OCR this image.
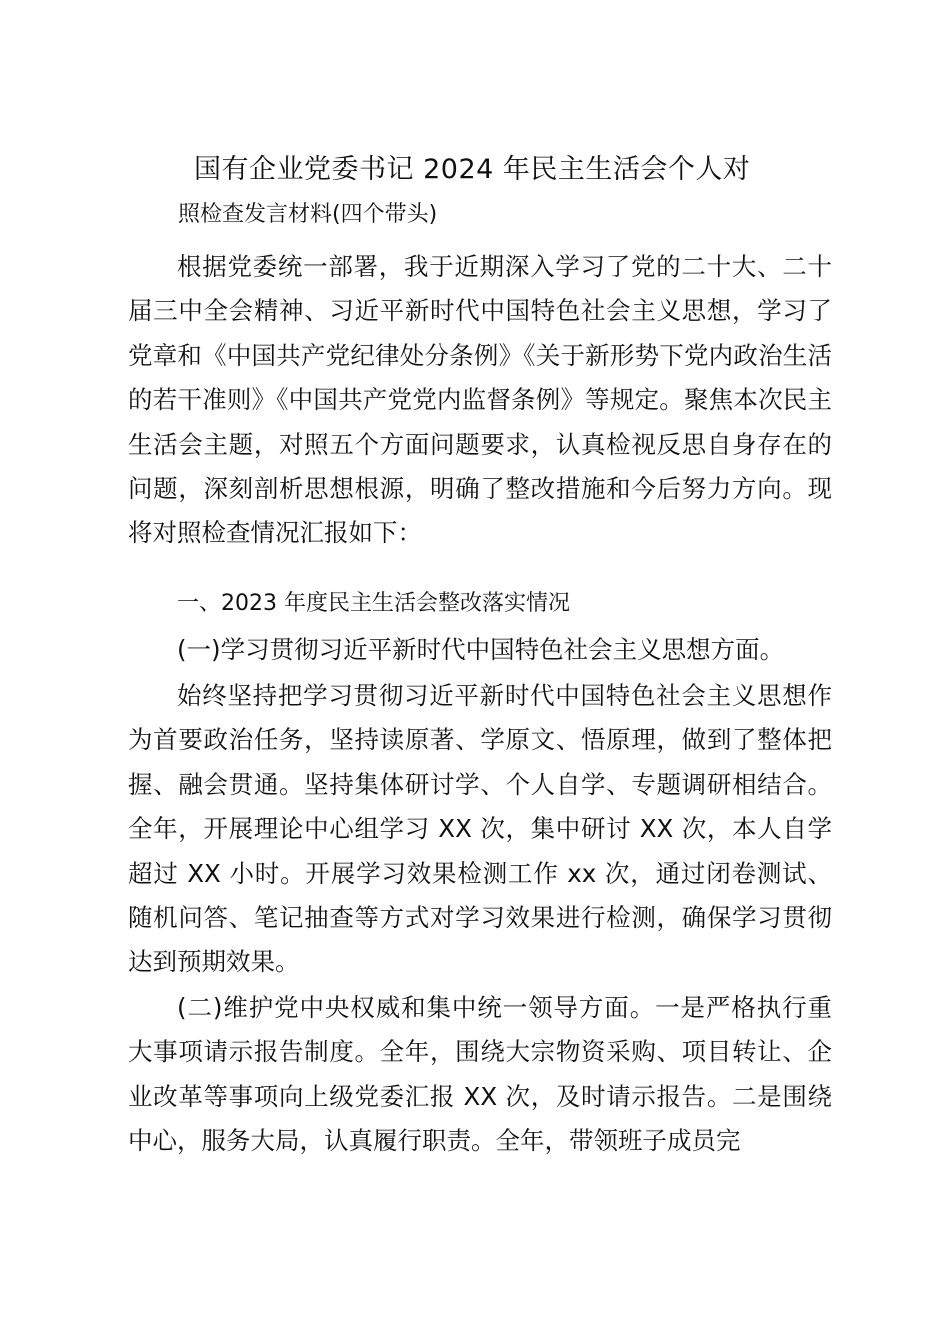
国有企业党委书记 2024 年民主生活会个人对
照检查发言材料(四个带头)

根据党委统一部署，我于近期深入学习了党的二十大、二十届三中全会精神、习近平新时代中国特色社会主义思想，学习了党章和《中国共产党纪律处分条例》《关于新形势下党内政治生活的若干准则》《中国共产党党内监督条例》等规定。聚焦本次民主生活会主题，对照五个方面问题要求，认真检视反思自身存在的问题，深刻剖析思想根源，明确了整改措施和今后努力方向。现将对照检查情况汇报如下：

一、2023 年度民主生活会整改落实情况
(一)学习贯彻习近平新时代中国特色社会主义思想方面。

始终坚持把学习贯彻习近平新时代中国特色社会主义思想作为首要政治任务，坚持读原著、学原文、悟原理，做到了整体把握、融会贯通。坚持集体研讨学、个人自学、专题调研相结合。全年，开展理论中心组学习 XX 次，集中研讨 XX 次，本人自学超过 XX 小时。开展学习效果检测工作 xx 次，通过闭卷测试、随机问答、笔记抽查等方式对学习效果进行检测，确保学习贯彻达到预期效果。

(二)维护党中央权威和集中统一领导方面。一是严格执行重大事项请示报告制度。全年，围绕大宗物资采购、项目转让、企业改革等事项向上级党委汇报 XX 次，及时请示报告。二是围绕中心，服务大局，认真履行职责。全年，带领班子成员完
